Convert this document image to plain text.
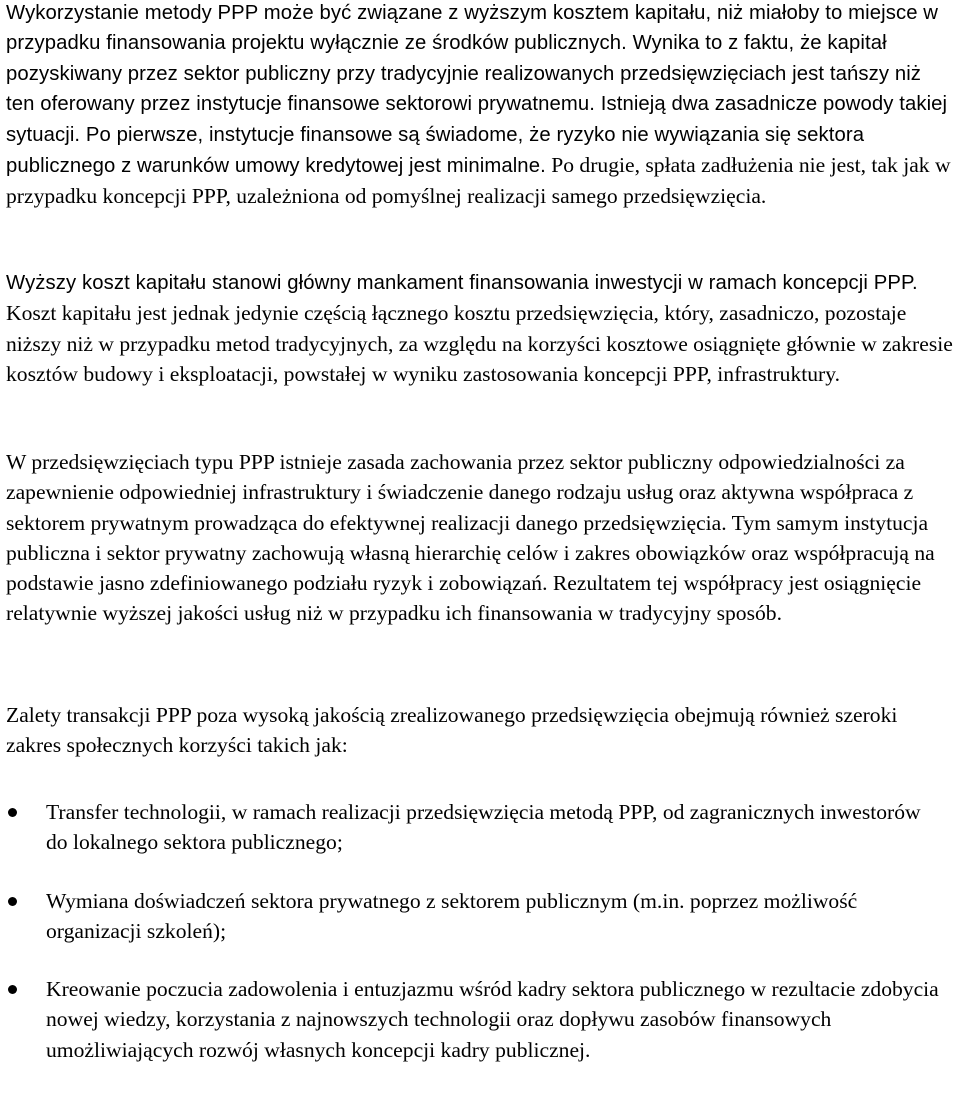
Wykorzystanie metody PPP może być związane z wyższym kosztem kapitału, niż miałoby to miejsce w przypadku finansowania projektu wyłącznie ze środków publicznych. Wynika to z faktu, że kapitał pozyskiwany przez sektor publiczny przy tradycyjnie realizowanych przedsięwzięciach jest tańszy niż ten oferowany przez instytucje finansowe sektorowi prywatnemu. Istnieją dwa zasadnicze powody takiej sytuacji. Po pierwsze, instytucje finansowe są świadome, że ryzyko nie wywiązania się sektora publicznego z warunków umowy kredytowej jest minimalne. Po drugie, spłata zadłużenia nie jest, tak jak w przypadku koncepcji PPP, uzależniona od pomyślnej realizacji samego przedsięwzięcia.

Wyższy koszt kapitału stanowi główny mankament finansowania inwestycji w ramach koncepcji PPP. Koszt kapitału jest jednak jedynie częścią łącznego kosztu przedsięwzięcia, który, zasadniczo, pozostaje niższy niż w przypadku metod tradycyjnych, za względu na korzyści kosztowe osiągnięte głównie w zakresie kosztów budowy i eksploatacji, powstałej w wyniku zastosowania koncepcji PPP, infrastruktury.

W przedsięwzięciach typu PPP istnieje zasada zachowania przez sektor publiczny odpowiedzialności za zapewnienie odpowiedniej infrastruktury i świadczenie danego rodzaju usług oraz aktywna współpraca z sektorem prywatnym prowadząca do efektywnej realizacji danego przedsięwzięcia. Tym samym instytucja publiczna i sektor prywatny zachowują własną hierarchię celów i zakres obowiązków oraz współpracują na podstawie jasno zdefiniowanego podziału ryzyk i zobowiązań. Rezultatem tej współpracy jest osiągnięcie relatywnie wyższej jakości usług niż w przypadku ich finansowania w tradycyjny sposób.

Zalety transakcji PPP poza wysoką jakością zrealizowanego przedsięwzięcia obejmują również szeroki zakres społecznych korzyści takich jak:

Transfer technologii, w ramach realizacji przedsięwzięcia metodą PPP, od zagranicznych inwestorów do lokalnego sektora publicznego;
Wymiana doświadczeń sektora prywatnego z sektorem publicznym (m.in. poprzez możliwość organizacji szkoleń);
Kreowanie poczucia zadowolenia i entuzjazmu wśród kadry sektora publicznego w rezultacie zdobycia nowej wiedzy, korzystania z najnowszych technologii oraz dopływu zasobów finansowych umożliwiających rozwój własnych koncepcji kadry publicznej.
